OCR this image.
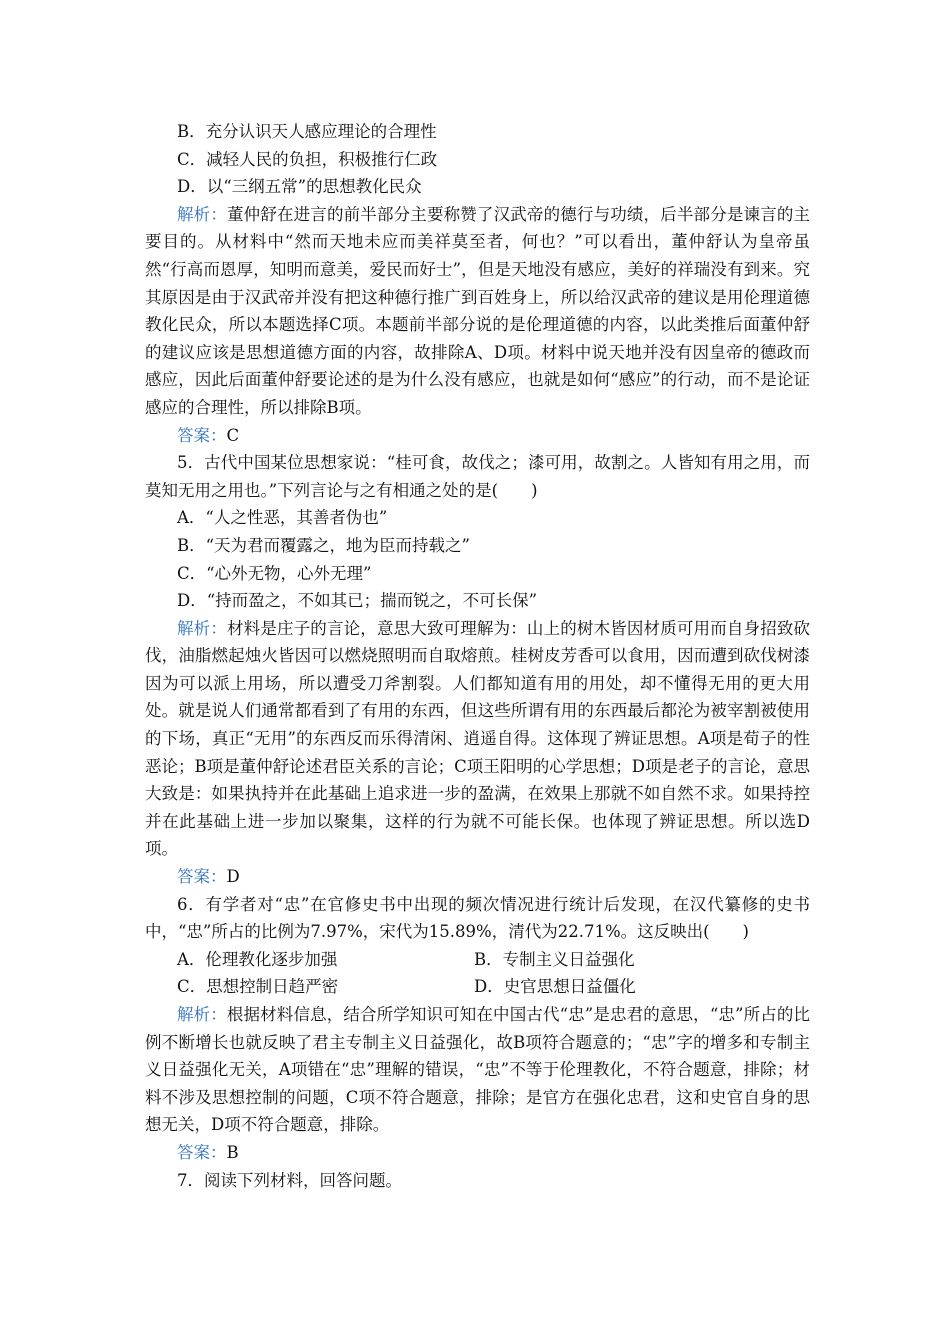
B．充分认识天人感应理论的合理性

C．减轻人民的负担，积极推行仁政

D．以“三纲五常”的思想教化民众

解析：董仲舒在进言的前半部分主要称赞了汉武帝的德行与功绩，后半部分是谏言的主要目的。从材料中“然而天地未应而美祥莫至者，何也？”可以看出，董仲舒认为皇帝虽然“行高而恩厚，知明而意美，爱民而好士”，但是天地没有感应，美好的祥瑞没有到来。究其原因是由于汉武帝并没有把这种德行推广到百姓身上，所以给汉武帝的建议是用伦理道德教化民众，所以本题选择C项。本题前半部分说的是伦理道德的内容，以此类推后面董仲舒的建议应该是思想道德方面的内容，故排除A、D项。材料中说天地并没有因皇帝的德政而感应，因此后面董仲舒要论述的是为什么没有感应，也就是如何“感应”的行动，而不是论证感应的合理性，所以排除B项。

答案：C

5．古代中国某位思想家说：“桂可食，故伐之；漆可用，故割之。人皆知有用之用，而莫知无用之用也。”下列言论与之有相通之处的是(　　)

A．“人之性恶，其善者伪也”

B．“天为君而覆露之，地为臣而持载之”

C．“心外无物，心外无理”

D．“持而盈之，不如其已；揣而锐之，不可长保”

解析：材料是庄子的言论，意思大致可理解为：山上的树木皆因材质可用而自身招致砍伐，油脂燃起烛火皆因可以燃烧照明而自取熔煎。桂树皮芳香可以食用，因而遭到砍伐树漆因为可以派上用场，所以遭受刀斧割裂。人们都知道有用的用处，却不懂得无用的更大用处。就是说人们通常都看到了有用的东西，但这些所谓有用的东西最后都沦为被宰割被使用的下场，真正“无用”的东西反而乐得清闲、逍遥自得。这体现了辨证思想。A项是荀子的性恶论；B项是董仲舒论述君臣关系的言论；C项王阳明的心学思想；D项是老子的言论，意思大致是：如果执持并在此基础上追求进一步的盈满，在效果上那就不如自然不求。如果持控并在此基础上进一步加以聚集，这样的行为就不可能长保。也体现了辨证思想。所以选D项。

答案：D

6．有学者对“忠”在官修史书中出现的频次情况进行统计后发现，在汉代纂修的史书中，“忠”所占的比例为7.97%，宋代为15.89%，清代为22.71%。这反映出(　　)

A．伦理教化逐步加强	B．专制主义日益强化
C．思想控制日趋严密	D．史官思想日益僵化

解析：根据材料信息，结合所学知识可知在中国古代“忠”是忠君的意思，“忠”所占的比例不断增长也就反映了君主专制主义日益强化，故B项符合题意的；“忠”字的增多和专制主义日益强化无关，A项错在“忠”理解的错误，“忠”不等于伦理教化，不符合题意，排除；材料不涉及思想控制的问题，C项不符合题意，排除；是官方在强化忠君，这和史官自身的思想无关，D项不符合题意，排除。

答案：B

7．阅读下列材料，回答问题。
